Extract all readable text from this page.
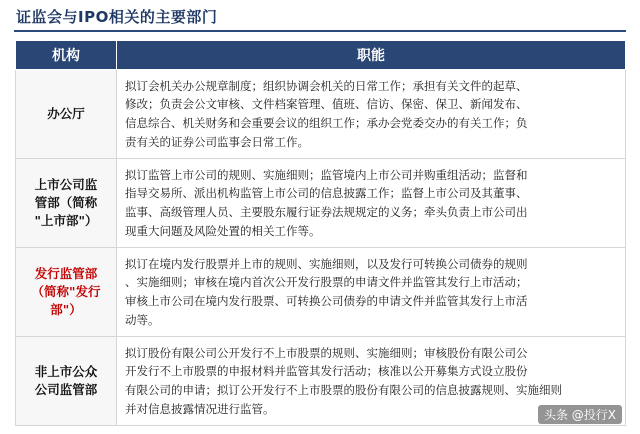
证监会与IPO相关的主要部门
机构	职能
办公厅	拟订会机关办公规章制度；组织协调会机关的日常工作；承担有关文件的起草、
修改；负责会公文审核、文件档案管理、值班、信访、保密、保卫、新闻发布、
信息综合、机关财务和会重要会议的组织工作；承办会党委交办的有关工作；负
责有关的证券公司监事会日常工作。
上市公司监
管部（简称
"上市部"）	拟订监管上市公司的规则、实施细则；监管境内上市公司并购重组活动；监督和
指导交易所、派出机构监管上市公司的信息披露工作；监督上市公司及其董事、
监事、高级管理人员、主要股东履行证券法规规定的义务；牵头负责上市公司出
现重大问题及风险处置的相关工作等。
发行监管部
（简称"发行
部"）	拟订在境内发行股票并上市的规则、实施细则，以及发行可转换公司债券的规则
、实施细则；审核在境内首次公开发行股票的申请文件并监管其发行上市活动；
审核上市公司在境内发行股票、可转换公司债券的申请文件并监管其发行上市活
动等。
非上市公众
公司监管部	拟订股份有限公司公开发行不上市股票的规则、实施细则；审核股份有限公司公
开发行不上市股票的申报材料并监管其发行活动；核准以公开募集方式设立股份
有限公司的申请；拟订公开发行不上市股票的股份有限公司的信息披露规则、实施细则
并对信息披露情况进行监管。	头条 @投行X
